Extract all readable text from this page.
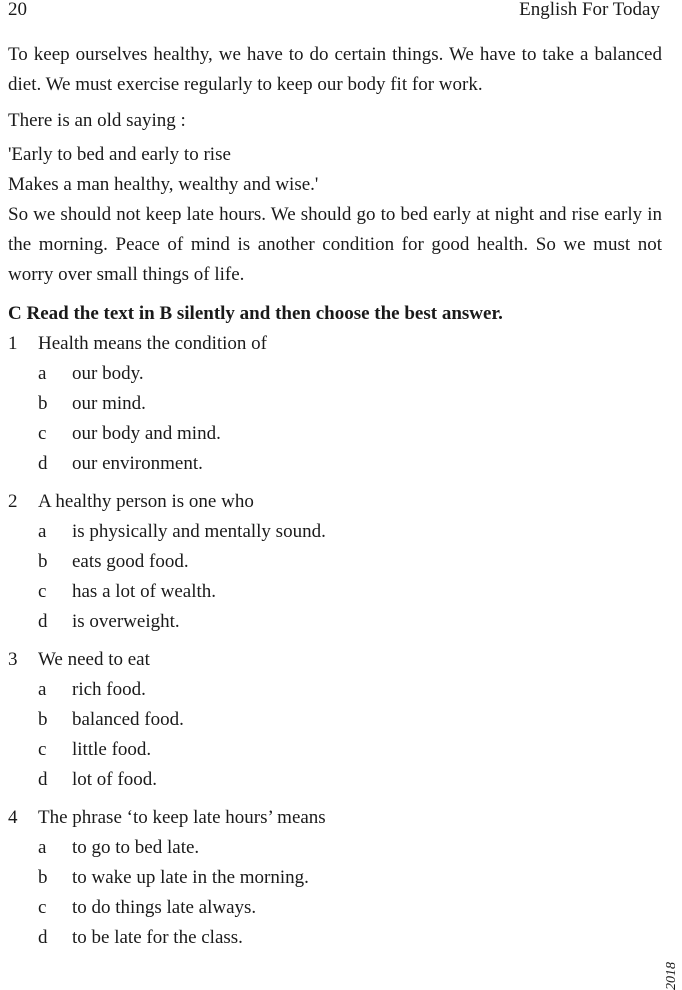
20	English For Today

To keep ourselves healthy, we have to do certain things. We have to take a balanced diet. We must exercise regularly to keep our body fit for work.

There is an old saying :

'Early to bed and early to rise

Makes a man healthy, wealthy and wise.'

So we should not keep late hours. We should go to bed early at night and rise early in the morning. Peace of mind is another condition for good health. So we must not worry over small things of life.

C Read the text in B silently and then choose the best answer.

1	Health means the condition of
a	our body.
b	our mind.
c	our body and mind.
d	our environment.
2	A healthy person is one who
a	is physically and mentally sound.
b	eats good food.
c	has a lot of wealth.
d	is overweight.
3	We need to eat
a	rich food.
b	balanced food.
c	little food.
d	lot of food.
4	The phrase ‘to keep late hours’ means
a	to go to bed late.
b	to wake up late in the morning.
c	to do things late always.
d	to be late for the class.
2018
